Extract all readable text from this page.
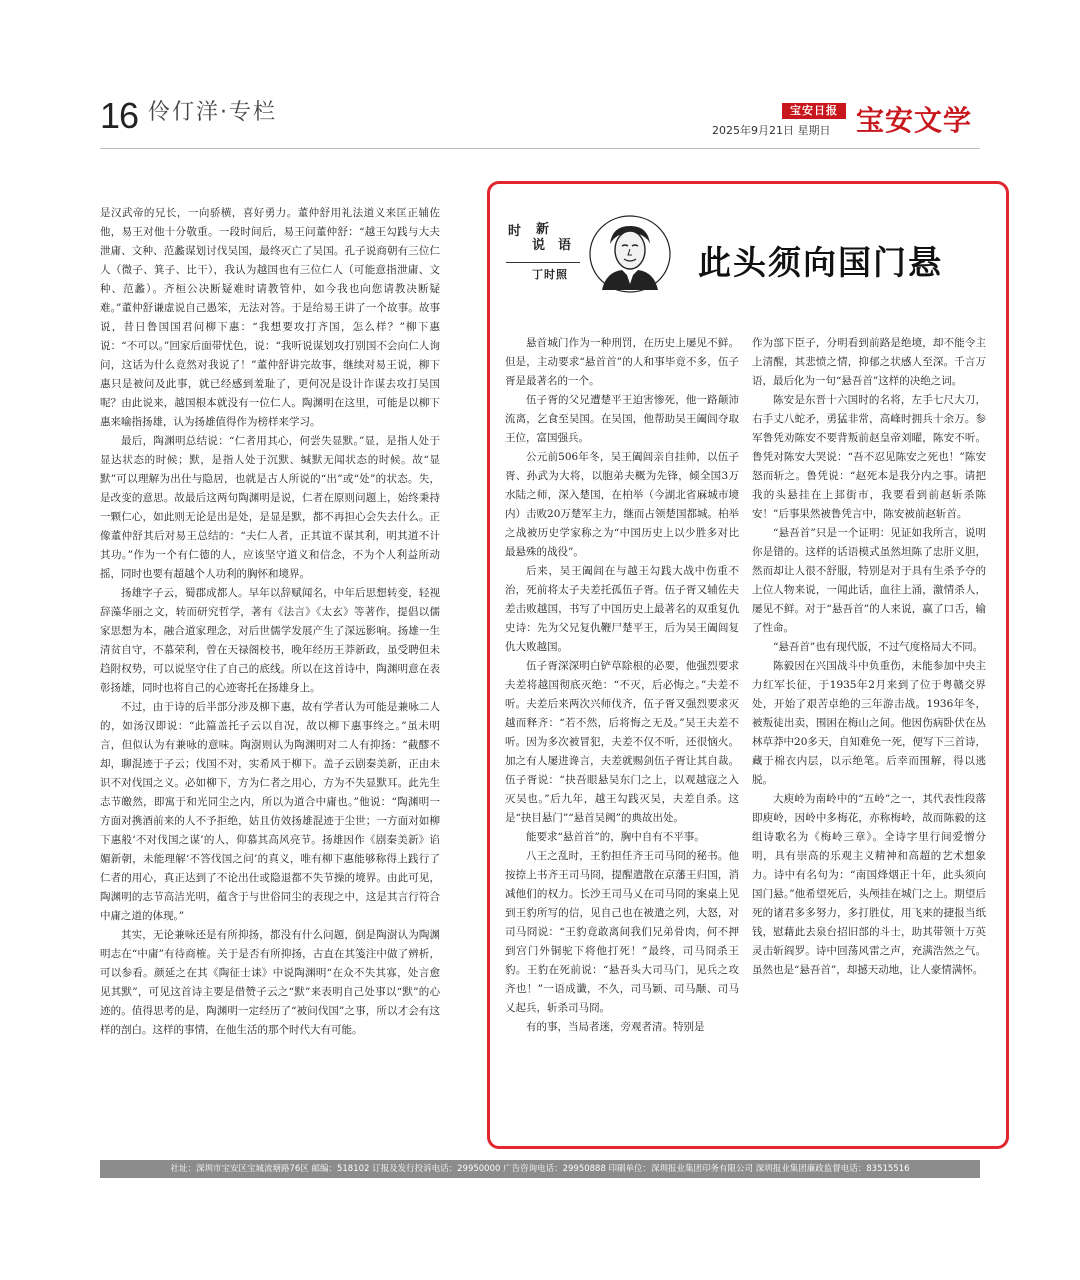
16 伶仃洋·专栏	宝安日报 宝安文学
2025年9月21日 星期日

是汉武帝的兄长，一向骄横，喜好勇力。董仲舒用礼法道义来匡正辅佐他，易王对他十分敬重。一段时间后，易王问董仲舒：“越王勾践与大夫泄庸、文种、范蠡谋划讨伐吴国，最终灭亡了吴国。孔子说商朝有三位仁人（微子、箕子、比干），我认为越国也有三位仁人（可能意指泄庸、文种、范蠡）。齐桓公决断疑难时请教管仲，如今我也向您请教决断疑难。”董仲舒谦虚说自己愚笨，无法对答。于是给易王讲了一个故事。故事说，昔日鲁国国君问柳下惠：“我想要攻打齐国，怎么样？”柳下惠说：“不可以。”回家后面带忧色，说：“我听说谋划攻打别国不会向仁人询问，这话为什么竟然对我说了！”董仲舒讲完故事，继续对易王说，柳下惠只是被问及此事，就已经感到羞耻了，更何况是设计诈谋去攻打吴国呢？由此说来，越国根本就没有一位仁人。陶渊明在这里，可能是以柳下惠来喻指扬雄，认为扬雄值得作为榜样来学习。

最后，陶渊明总结说：“仁者用其心，何尝失显默。”显，是指人处于显达状态的时候；默，是指人处于沉默、缄默无闻状态的时候。故“显默”可以理解为出仕与隐居，也就是古人所说的“出”或“处”的状态。失，是改变的意思。故最后这两句陶渊明是说，仁者在原则问题上，始终秉持一颗仁心，如此则无论是出是处，是显是默，都不再担心会失去什么。正像董仲舒其后对易王总结的：“夫仁人者，正其谊不谋其利，明其道不计其功。”作为一个有仁德的人，应该坚守道义和信念，不为个人利益所动摇，同时也要有超越个人功利的胸怀和境界。

扬雄字子云，蜀郡成都人。早年以辞赋闻名，中年后思想转变，轻视辞藻华丽之文，转而研究哲学，著有《法言》《太玄》等著作，提倡以儒家思想为本，融合道家理念，对后世儒学发展产生了深远影响。扬雄一生清贫自守，不慕荣利，曾在天禄阁校书，晚年经历王莽新政，虽受聘但未趋附权势，可以说坚守住了自己的底线。所以在这首诗中，陶渊明意在表彰扬雄，同时也将自己的心迹寄托在扬雄身上。

不过，由于诗的后半部分涉及柳下惠，故有学者认为可能是兼咏二人的，如汤汉即说：“此篇盖托子云以自况，故以柳下惠事终之。”虽未明言，但似认为有兼咏的意味。陶澍则认为陶渊明对二人有抑扬：“截醪不却，聊混迹于子云；伐国不对，实希风于柳下。盖子云剧秦美新，正由未识不对伐国之义。必如柳下，方为仁者之用心，方为不失显默耳。此先生志节皦然，即寓于和光同尘之内，所以为道合中庸也。”他说：“陶渊明一方面对携酒前来的人不予拒绝，姑且仿效扬雄混迹于尘世；一方面对如柳下惠般‘不对伐国之谋’的人，仰慕其高风亮节。扬雄因作《剧秦美新》谄媚新朝，未能理解‘不答伐国之问’的真义，唯有柳下惠能够称得上践行了仁者的用心，真正达到了不论出仕或隐退都不失节操的境界。由此可见，陶渊明的志节高洁光明，蕴含于与世俗同尘的表现之中，这是其言行符合中庸之道的体现。”

其实，无论兼咏还是有所抑扬，都没有什么问题，倒是陶澍认为陶渊明志在“中庸”有待商榷。关于是否有所抑扬，古直在其笺注中做了辨析，可以参看。颜延之在其《陶征士诔》中说陶渊明“在众不失其寡，处言愈见其默”，可见这首诗主要是借赞子云之“默”来表明自己处事以“默”的心迹的。值得思考的是，陶渊明一定经历了“被问伐国”之事，所以才会有这样的剖白。这样的事情，在他生活的那个时代大有可能。

时
说
新
语
丁时照	此头须向国门悬

悬首城门作为一种刑罚，在历史上屡见不鲜。但是，主动要求“悬首首”的人和事毕竟不多，伍子胥是最著名的一个。

伍子胥的父兄遭楚平王迫害惨死，他一路颠沛流离，乞食至吴国。在吴国，他帮助吴王阖闾夺取王位，富国强兵。

公元前506年冬，吴王阖闾亲自挂帅，以伍子胥、孙武为大将，以胞弟夫概为先锋，倾全国3万水陆之师，深入楚国，在柏举（今湖北省麻城市境内）击败20万楚军主力，继而占领楚国都城。柏举之战被历史学家称之为“中国历史上以少胜多对比最悬殊的战役”。

后来，吴王阖闾在与越王勾践大战中伤重不治，死前将太子夫差托孤伍子胥。伍子胥又辅佐夫差击败越国，书写了中国历史上最著名的双重复仇史诗：先为父兄复仇鞭尸楚平王，后为吴王阖闾复仇大败越国。

伍子胥深深明白铲草除根的必要，他强烈要求夫差将越国彻底灭绝：“不灭，后必悔之。”夫差不听。夫差后来两次兴师伐齐，伍子胥又强烈要求灭越而释齐：“若不然，后将悔之无及。”吴王夫差不听。因为多次被冒犯，夫差不仅不听，还很恼火。加之有人屡进谗言，夫差就赐剑伍子胥让其自裁。伍子胥说：“抉吾眼悬吴东门之上，以观越寇之入灭吴也。”后九年，越王勾践灭吴，夫差自杀。这是“抉目悬门”“悬首吴阙”的典故出处。

能要求“悬首首”的，胸中自有不平事。

八王之乱时，王豹担任齐王司马冏的秘书。他按捺上书齐王司马冏，提醒遣散在京藩王归国，消减他们的权力。长沙王司马乂在司马冏的案桌上见到王豹所写的信，见自己也在被遣之列，大怒，对司马冏说：“王豹竟敢离间我们兄弟骨肉，何不押到宫门外铜驼下将他打死！”最终，司马冏杀王豹。王豹在死前说：“悬吾头大司马门，见兵之攻齐也！”一语成谶，不久，司马颖、司马颙、司马乂起兵，斩杀司马冏。

有的事，当局者迷，旁观者清。特别是

作为部下臣子，分明看到前路是绝境，却不能令主上清醒，其悲愤之情，抑郁之状感人至深。千言万语，最后化为一句“悬吾首”这样的决绝之词。

陈安是东晋十六国时的名将，左手七尺大刀，右手丈八蛇矛，勇猛非常，高峰时拥兵十余万。参军鲁凭劝陈安不要背叛前赵皇帝刘曜，陈安不听。鲁凭对陈安大哭说：“吾不忍见陈安之死也！”陈安怒而斩之。鲁凭说：“赵死本是我分内之事。请把我的头悬挂在上邽街市，我要看到前赵斩杀陈安！”后事果然被鲁凭言中，陈安被前赵斩首。

“悬吾首”只是一个证明：见证如我所言，说明你是错的。这样的话语模式虽然坦陈了忠肝义胆，然而却让人很不舒服，特别是对于具有生杀予夺的上位人物来说，一闻此话，血往上涌，激情杀人，屡见不鲜。对于“悬吾首”的人来说，赢了口舌，输了性命。

“悬吾首”也有现代版，不过气度格局大不同。

陈毅因在兴国战斗中负重伤，未能参加中央主力红军长征，于1935年2月来到了位于粤赣交界处，开始了艰苦卓绝的三年游击战。1936年冬，被叛徒出卖，围困在梅山之间。他因伤病卧伏在丛林草莽中20多天，自知难免一死，便写下三首诗，藏于棉衣内层，以示绝笔。后幸而围解，得以逃脱。

大庾岭为南岭中的“五岭”之一，其代表性段落即庾岭，因岭中多梅花，亦称梅岭，故而陈毅的这组诗歌名为《梅岭三章》。全诗字里行间爱憎分明，具有崇高的乐观主义精神和高超的艺术想象力。诗中有名句为：“南国烽烟正十年，此头须向国门悬。”他希望死后，头颅挂在城门之上。期望后死的诸君多多努力，多打胜仗，用飞来的捷报当纸钱，慰藉此去泉台招旧部的斗士，助其带领十万英灵击斩阎罗。诗中回荡风雷之声，充满浩然之气。虽然也是“悬吾首”，却撼天动地，让人豪情满怀。

社址：深圳市宝安区宝城流塘路76区 邮编：518102 订报及发行投诉电话：29950000 广告咨询电话：29950888 印刷单位：深圳报业集团印务有限公司 深圳报业集团廉政监督电话：83515516
